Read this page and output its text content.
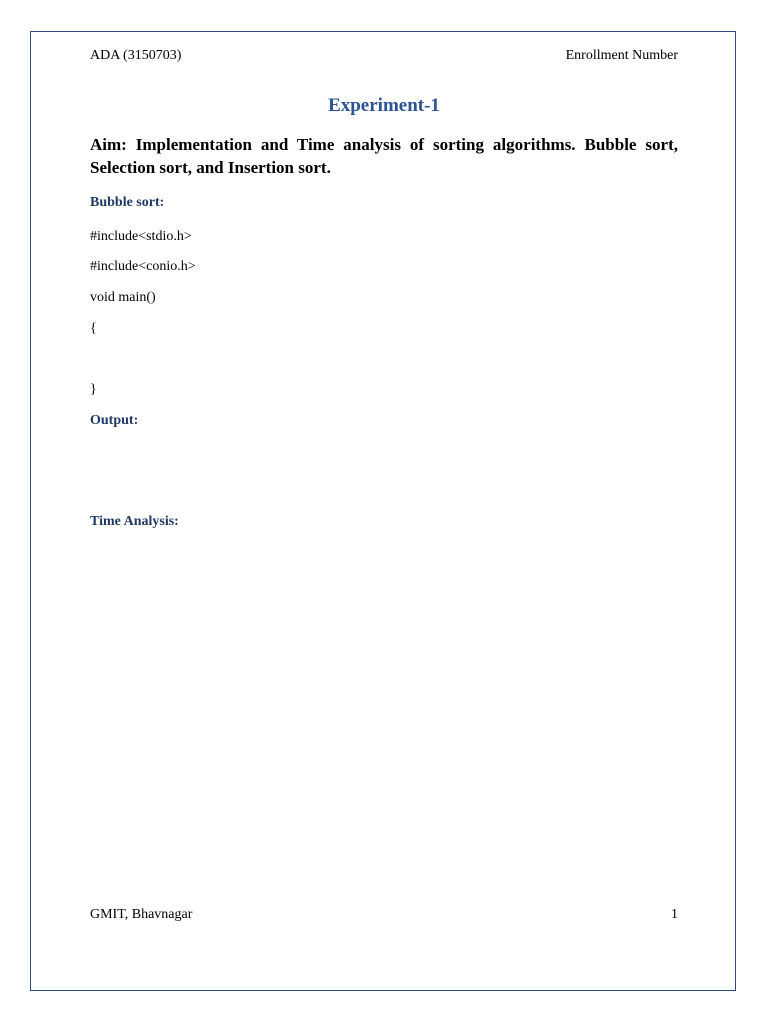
ADA (3150703)	Enrollment Number
Experiment-1
Aim: Implementation and Time analysis of sorting algorithms. Bubble sort, Selection sort, and Insertion sort.
Bubble sort:
#include<stdio.h>
#include<conio.h>
void main()
{
}
Output:
Time Analysis:
GMIT, Bhavnagar	1
